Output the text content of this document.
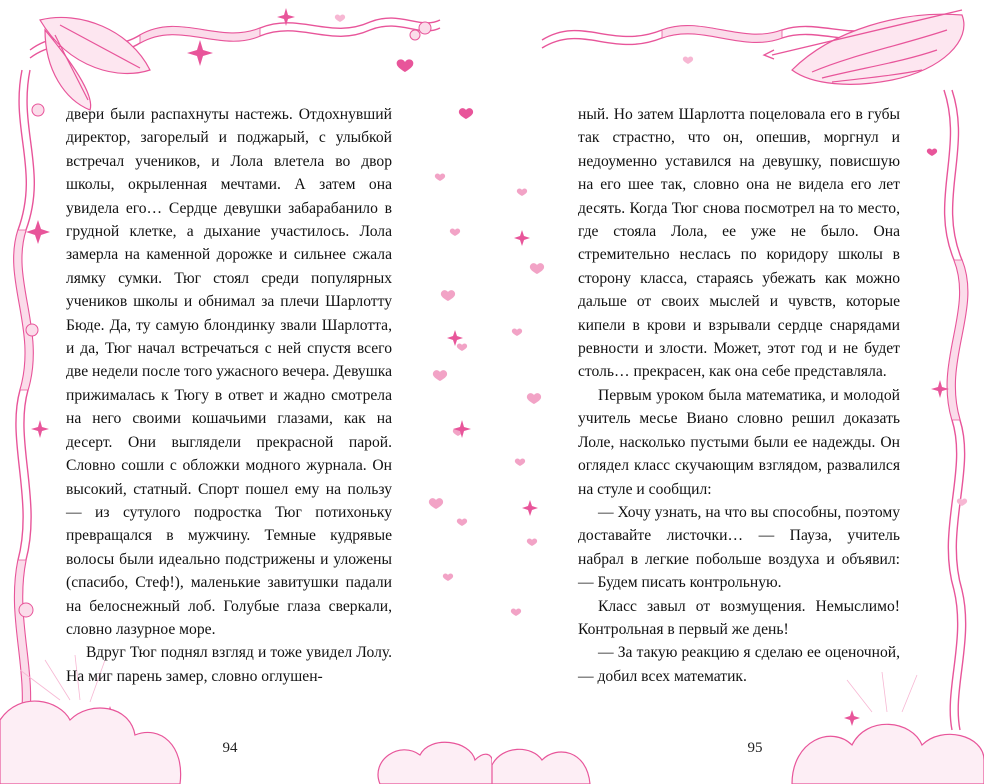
двери были распахнуты настежь. Отдохнувший директор, загорелый и поджарый, с улыбкой встречал учеников, и Лола влетела во двор школы, окрыленная мечтами. А затем она увидела его… Сердце девушки забарабанило в грудной клетке, а дыхание участилось. Лола замерла на каменной дорожке и сильнее сжала лямку сумки. Тюг стоял среди популярных учеников школы и обнимал за плечи Шарлотту Бюде. Да, ту самую блондинку звали Шарлотта, и да, Тюг начал встречаться с ней спустя всего две недели после того ужасного вечера. Девушка прижималась к Тюгу в ответ и жадно смотрела на него своими кошачьими глазами, как на десерт. Они выглядели прекрасной парой. Словно сошли с обложки модного журнала. Он высокий, статный. Спорт пошел ему на пользу — из сутулого подростка Тюг потихоньку превращался в мужчину. Темные кудрявые волосы были идеально подстрижены и уложены (спасибо, Стеф!), маленькие завитушки падали на белоснежный лоб. Голубые глаза сверкали, словно лазурное море.

Вдруг Тюг поднял взгляд и тоже увидел Лолу. На миг парень замер, словно оглушен-

94

ный. Но затем Шарлотта поцеловала его в губы так страстно, что он, опешив, моргнул и недоуменно уставился на девушку, повисшую на его шее так, словно она не видела его лет десять. Когда Тюг снова посмотрел на то место, где стояла Лола, ее уже не было. Она стремительно неслась по коридору школы в сторону класса, стараясь убежать как можно дальше от своих мыслей и чувств, которые кипели в крови и взрывали сердце снарядами ревности и злости. Может, этот год и не будет столь… прекрасен, как она себе представляла.

Первым уроком была математика, и молодой учитель месье Виано словно решил доказать Лоле, насколько пустыми были ее надежды. Он оглядел класс скучающим взглядом, развалился на стуле и сообщил:

— Хочу узнать, на что вы способны, поэтому доставайте листочки… — Пауза, учитель набрал в легкие побольше воздуха и объявил: — Будем писать контрольную.

Класс завыл от возмущения. Немыслимо! Контрольная в первый же день!

— За такую реакцию я сделаю ее оценочной, — добил всех математик.

95
